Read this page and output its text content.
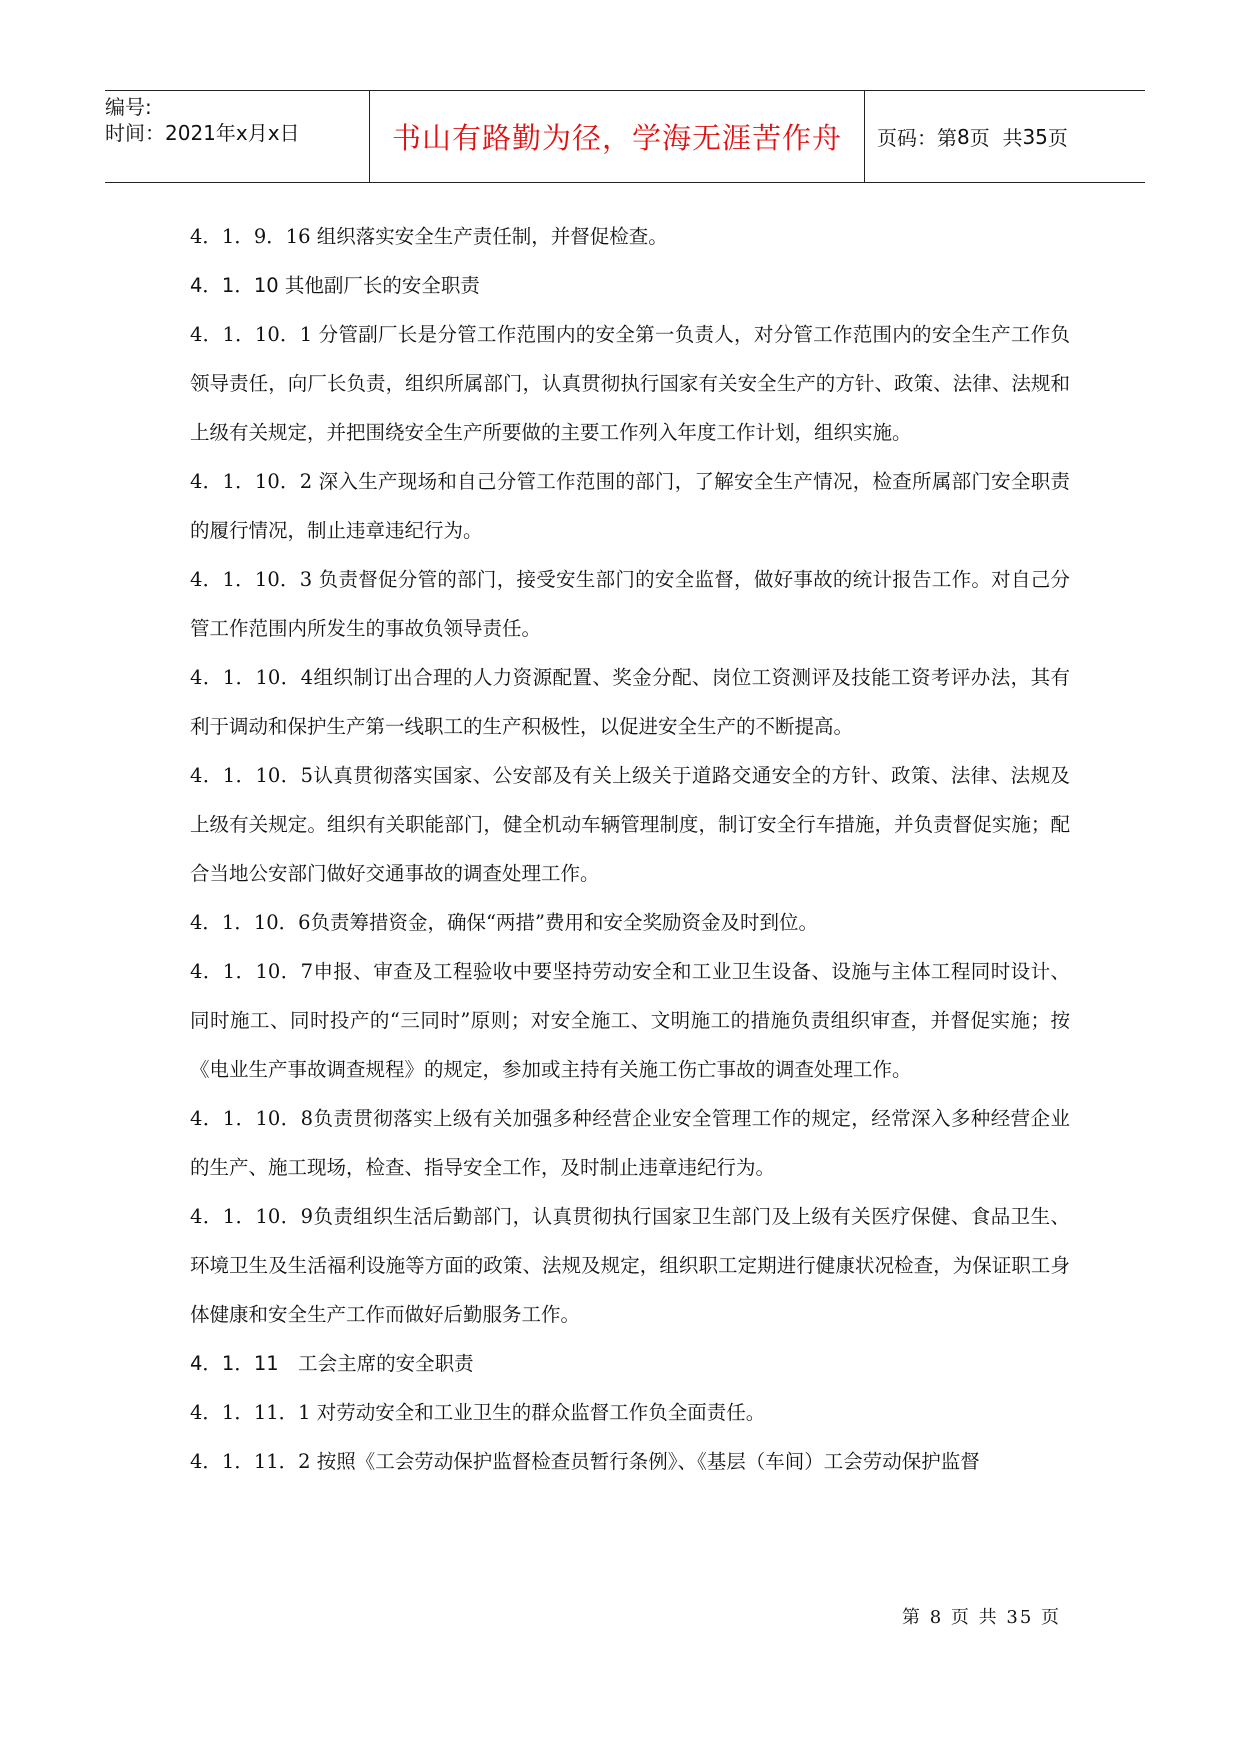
编号:
时间：2021年x月x日	书山有路勤为径，学海无涯苦作舟	页码：第 8 页  共 35 页

4．1．9．16 组织落实安全生产责任制，并督促检查。

4．1．10 其他副厂长的安全职责

4．1．10．1 分管副厂长是分管工作范围内的安全第一负责人，对分管工作范围内的安全生产工作负领导责任，向厂长负责，组织所属部门，认真贯彻执行国家有关安全生产的方针、政策、法律、法规和上级有关规定，并把围绕安全生产所要做的主要工作列入年度工作计划，组织实施。

4．1．10．2 深入生产现场和自己分管工作范围的部门，了解安全生产情况，检查所属部门安全职责的履行情况，制止违章违纪行为。

4．1．10．3 负责督促分管的部门，接受安生部门的安全监督，做好事故的统计报告工作。对自己分管工作范围内所发生的事故负领导责任。

4．1．10．4组织制订出合理的人力资源配置、奖金分配、岗位工资测评及技能工资考评办法，其有利于调动和保护生产第一线职工的生产积极性，以促进安全生产的不断提高。

4．1．10．5认真贯彻落实国家、公安部及有关上级关于道路交通安全的方针、政策、法律、法规及上级有关规定。组织有关职能部门，健全机动车辆管理制度，制订安全行车措施，并负责督促实施；配合当地公安部门做好交通事故的调查处理工作。

4．1．10．6负责筹措资金，确保“两措”费用和安全奖励资金及时到位。

4．1．10．7申报、审查及工程验收中要坚持劳动安全和工业卫生设备、设施与主体工程同时设计、同时施工、同时投产的“三同时”原则；对安全施工、文明施工的措施负责组织审查，并督促实施；按《电业生产事故调查规程》的规定，参加或主持有关施工伤亡事故的调查处理工作。

4．1．10．8负责贯彻落实上级有关加强多种经营企业安全管理工作的规定，经常深入多种经营企业的生产、施工现场，检查、指导安全工作，及时制止违章违纪行为。

4．1．10．9负责组织生活后勤部门，认真贯彻执行国家卫生部门及上级有关医疗保健、食品卫生、环境卫生及生活福利设施等方面的政策、法规及规定，组织职工定期进行健康状况检查，为保证职工身体健康和安全生产工作而做好后勤服务工作。

4．1．11　工会主席的安全职责

4．1．11．1 对劳动安全和工业卫生的群众监督工作负全面责任。

4．1．11．2 按照《工会劳动保护监督检查员暂行条例》、《基层（车间）工会劳动保护监督

第 8 页 共 35 页
